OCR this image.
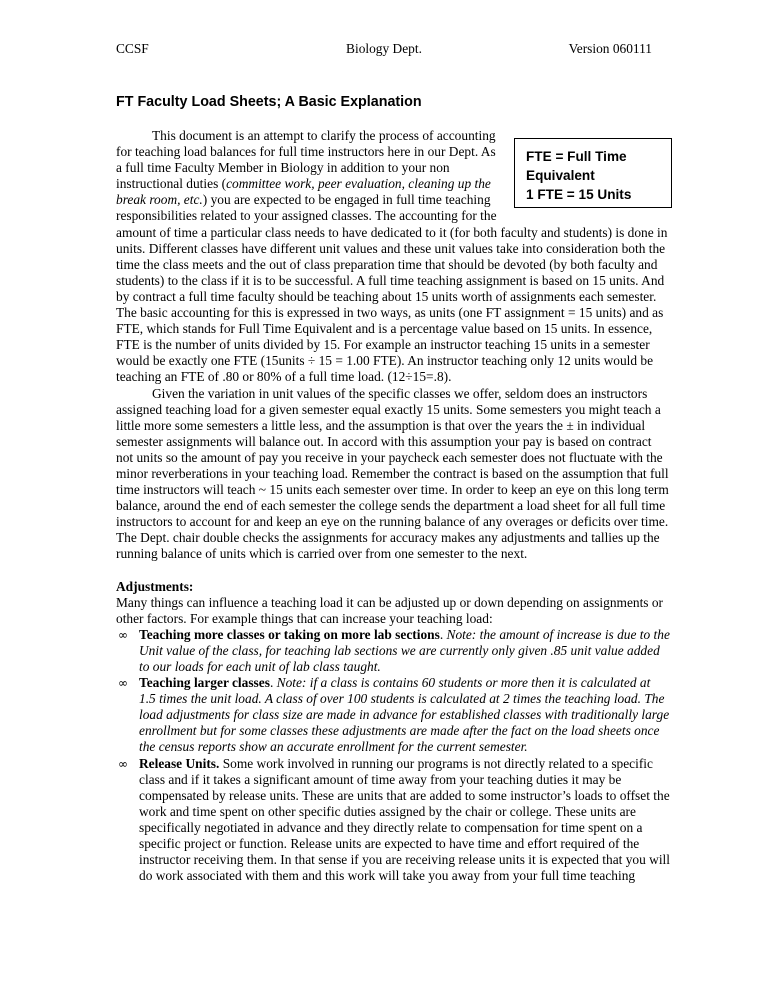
CCSF	Biology Dept.	Version 060111
FT Faculty Load Sheets; A Basic Explanation
FTE = Full Time
Equivalent
1 FTE = 15 Units

This document is an attempt to clarify the process of accounting for teaching load balances for full time instructors here in our Dept. As a full time Faculty Member in Biology in addition to your non instructional duties (committee work, peer evaluation, cleaning up the break room, etc.) you are expected to be engaged in full time teaching responsibilities related to your assigned classes. The accounting for the amount of time a particular class needs to have dedicated to it (for both faculty and students) is done in units. Different classes have different unit values and these unit values take into consideration both the time the class meets and the out of class preparation time that should be devoted (by both faculty and students) to the class if it is to be successful. A full time teaching assignment is based on 15 units. And by contract a full time faculty should be teaching about 15 units worth of assignments each semester. The basic accounting for this is expressed in two ways, as units (one FT assignment = 15 units) and as FTE, which stands for Full Time Equivalent and is a percentage value based on 15 units. In essence, FTE is the number of units divided by 15. For example an instructor teaching 15 units in a semester would be exactly one FTE (15units ÷ 15 = 1.00 FTE). An instructor teaching only 12 units would be teaching an FTE of .80 or 80% of a full time load. (12÷15=.8).

Given the variation in unit values of the specific classes we offer, seldom does an instructors assigned teaching load for a given semester equal exactly 15 units. Some semesters you might teach a little more some semesters a little less, and the assumption is that over the years the ± in individual semester assignments will balance out. In accord with this assumption your pay is based on contract not units so the amount of pay you receive in your paycheck each semester does not fluctuate with the minor reverberations in your teaching load. Remember the contract is based on the assumption that full time instructors will teach ~ 15 units each semester over time. In order to keep an eye on this long term balance, around the end of each semester the college sends the department a load sheet for all full time instructors to account for and keep an eye on the running balance of any overages or deficits over time. The Dept. chair double checks the assignments for accuracy makes any adjustments and tallies up the running balance of units which is carried over from one semester to the next.

Adjustments:

Many things can influence a teaching load it can be adjusted up or down depending on assignments or other factors. For example things that can increase your teaching load:

∞ Teaching more classes or taking on more lab sections. Note: the amount of increase is due to the Unit value of the class, for teaching lab sections we are currently only given .85 unit value added to our loads for each unit of lab class taught.
∞ Teaching larger classes. Note: if a class is contains 60 students or more then it is calculated at 1.5 times the unit load. A class of over 100 students is calculated at 2 times the teaching load. The load adjustments for class size are made in advance for established classes with traditionally large enrollment but for some classes these adjustments are made after the fact on the load sheets once the census reports show an accurate enrollment for the current semester.
∞ Release Units. Some work involved in running our programs is not directly related to a specific class and if it takes a significant amount of time away from your teaching duties it may be compensated by release units. These are units that are added to some instructor’s loads to offset the work and time spent on other specific duties assigned by the chair or college. These units are specifically negotiated in advance and they directly relate to compensation for time spent on a specific project or function. Release units are expected to have time and effort required of the instructor receiving them. In that sense if you are receiving release units it is expected that you will do work associated with them and this work will take you away from your full time teaching
